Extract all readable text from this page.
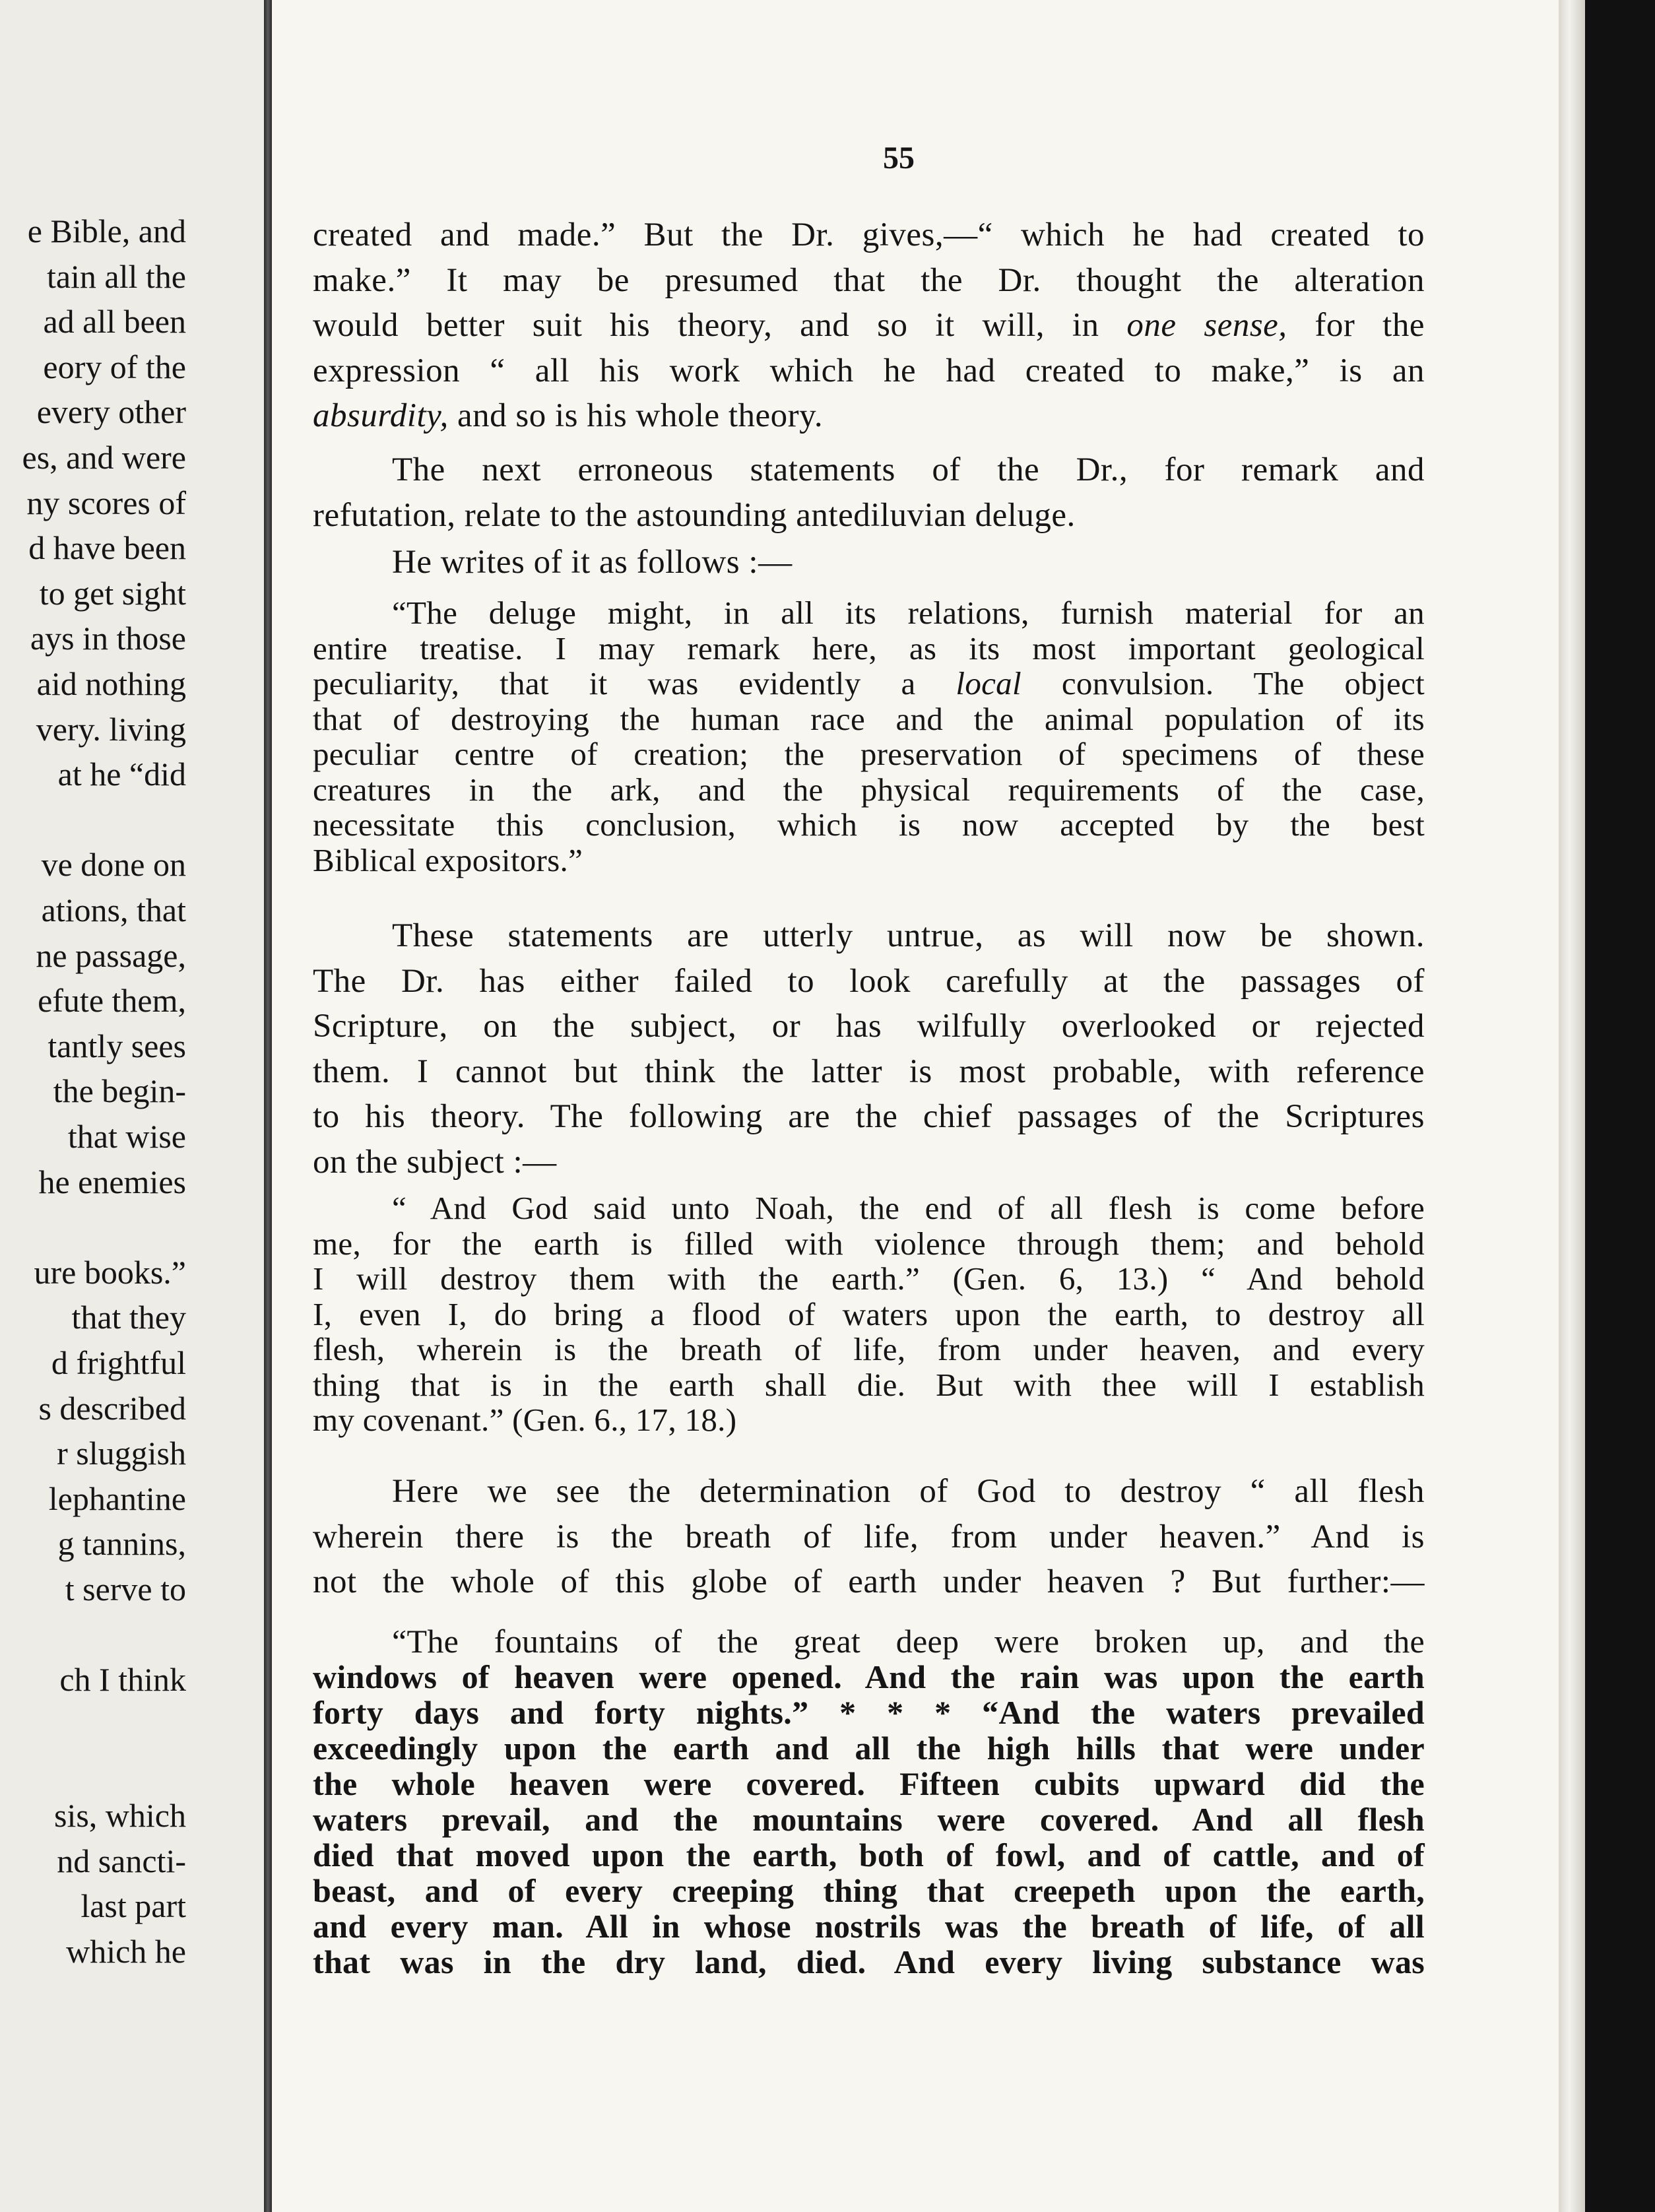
e Bible, and
tain all the
ad all been
eory of the
every other
es, and were
ny scores of
d have been
to get sight
ays in those
aid nothing
very. living
at he “did
ve done on
ations, that
ne passage,
efute them,
tantly sees
the begin-
that wise
he enemies
ure books.”
that they
d frightful
s described
r sluggish
lephantine
g tannins,
t serve to
ch I think
sis, which
nd sancti-
last part
which he
55
created and made.” But the Dr. gives,—“ which he had created to
make.” It may be presumed that the Dr. thought the alteration
would better suit his theory, and so it will, in one sense, for the
expression “ all his work which he had created to make,” is an
absurdity, and so is his whole theory.
The next erroneous statements of the Dr., for remark and
refutation, relate to the astounding antediluvian deluge.
He writes of it as follows :—
“The deluge might, in all its relations, furnish material for an
entire treatise. I may remark here, as its most important geological
peculiarity, that it was evidently a local convulsion. The object
that of destroying the human race and the animal population of its
peculiar centre of creation; the preservation of specimens of these
creatures in the ark, and the physical requirements of the case,
necessitate this conclusion, which is now accepted by the best
Biblical expositors.”
These statements are utterly untrue, as will now be shown.
The Dr. has either failed to look carefully at the passages of
Scripture, on the subject, or has wilfully overlooked or rejected
them. I cannot but think the latter is most probable, with reference
to his theory. The following are the chief passages of the Scriptures
on the subject :—
“ And God said unto Noah, the end of all flesh is come before
me, for the earth is filled with violence through them; and behold
I will destroy them with the earth.” (Gen. 6, 13.) “ And behold
I, even I, do bring a flood of waters upon the earth, to destroy all
flesh, wherein is the breath of life, from under heaven, and every
thing that is in the earth shall die. But with thee will I establish
my covenant.” (Gen. 6., 17, 18.)
Here we see the determination of God to destroy “ all flesh
wherein there is the breath of life, from under heaven.” And is
not the whole of this globe of earth under heaven ? But further:—
“The fountains of the great deep were broken up, and the
windows of heaven were opened. And the rain was upon the earth
forty days and forty nights.” * * * “And the waters prevailed
exceedingly upon the earth and all the high hills that were under
the whole heaven were covered. Fifteen cubits upward did the
waters prevail, and the mountains were covered. And all flesh
died that moved upon the earth, both of fowl, and of cattle, and of
beast, and of every creeping thing that creepeth upon the earth,
and every man. All in whose nostrils was the breath of life, of all
that was in the dry land, died. And every living substance was
